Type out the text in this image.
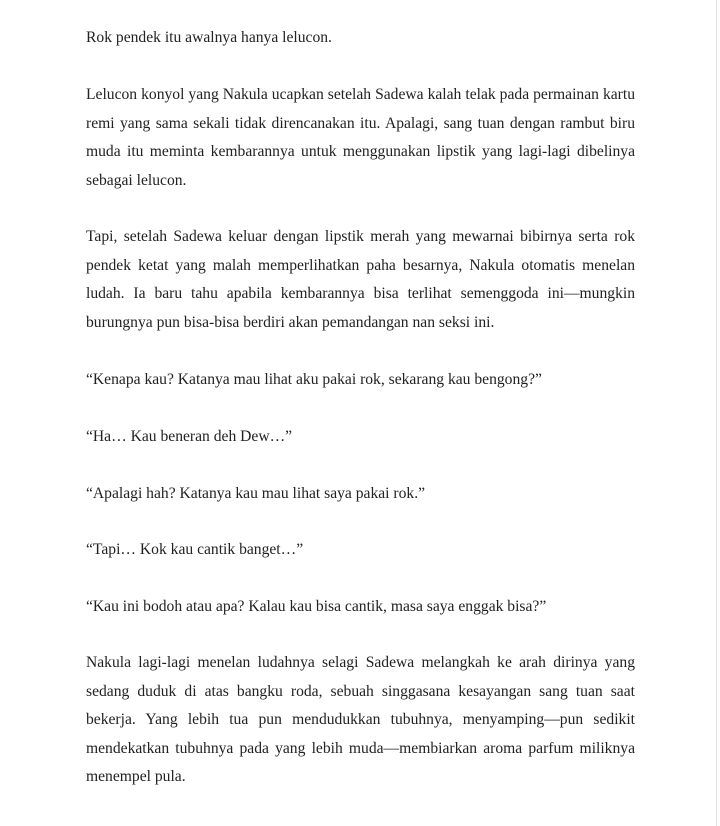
Rok pendek itu awalnya hanya lelucon.

Lelucon konyol yang Nakula ucapkan setelah Sadewa kalah telak pada permainan kartu remi yang sama sekali tidak direncanakan itu. Apalagi, sang tuan dengan rambut biru muda itu meminta kembarannya untuk menggunakan lipstik yang lagi-lagi dibelinya sebagai lelucon.

Tapi, setelah Sadewa keluar dengan lipstik merah yang mewarnai bibirnya serta rok pendek ketat yang malah memperlihatkan paha besarnya, Nakula otomatis menelan ludah. Ia baru tahu apabila kembarannya bisa terlihat semenggoda ini—mungkin burungnya pun bisa-bisa berdiri akan pemandangan nan seksi ini.

“Kenapa kau? Katanya mau lihat aku pakai rok, sekarang kau bengong?”

“Ha… Kau beneran deh Dew…”

“Apalagi hah? Katanya kau mau lihat saya pakai rok.”

“Tapi… Kok kau cantik banget…”

“Kau ini bodoh atau apa? Kalau kau bisa cantik, masa saya enggak bisa?”

Nakula lagi-lagi menelan ludahnya selagi Sadewa melangkah ke arah dirinya yang sedang duduk di atas bangku roda, sebuah singgasana kesayangan sang tuan saat bekerja. Yang lebih tua pun mendudukkan tubuhnya, menyamping—pun sedikit mendekatkan tubuhnya pada yang lebih muda—membiarkan aroma parfum miliknya menempel pula.
